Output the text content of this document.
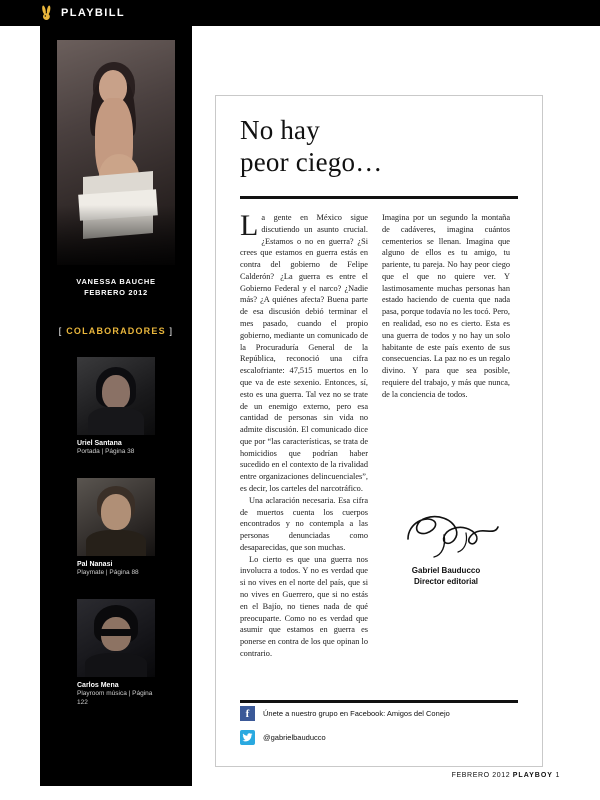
PLAYBILL
VANESSA BAUCHE
FEBRERO 2012
[ COLABORADORES ]
Uriel Santana
Portada | Página 38
Pal Nanasi
Playmate | Página 88
Carlos Mena
Playroom música | Página 122
No hay
peor ciego…

La gente en México sigue discutiendo un asunto crucial. ¿Estamos o no en guerra? ¿Si crees que estamos en guerra estás en contra del gobierno de Felipe Calderón? ¿La guerra es entre el Gobierno Federal y el narco? ¿Nadie más? ¿A quiénes afecta? Buena parte de esa discusión debió terminar el mes pasado, cuando el propio gobierno, mediante un comunicado de la Procuraduría General de la República, reconoció una cifra escalofriante: 47,515 muertos en lo que va de este sexenio. Entonces, sí, esto es una guerra. Tal vez no se trate de un enemigo externo, pero esa cantidad de personas sin vida no admite discusión. El comunicado dice que por “las características, se trata de homicidios que podrían haber sucedido en el contexto de la rivalidad entre organizaciones delincuenciales”, es decir, los carteles del narcotráfico.

Una aclaración necesaria. Esa cifra de muertos cuenta los cuerpos encontrados y no contempla a las personas denunciadas como desaparecidas, que son muchas.

Lo cierto es que una guerra nos involucra a todos. Y no es verdad que si no vives en el norte del país, que si no vives en Guerrero, que si no estás en el Bajío, no tienes nada de qué preocuparte. Como no es verdad que asumir que estamos en guerra es ponerse en contra de los que opinan lo contrario.

Imagina por un segundo la montaña de cadáveres, imagina cuántos cementerios se llenan. Imagina que alguno de ellos es tu amigo, tu pariente, tu pareja. No hay peor ciego que el que no quiere ver. Y lastimosamente muchas personas han estado haciendo de cuenta que nada pasa, porque todavía no les tocó. Pero, en realidad, eso no es cierto. Esta es una guerra de todos y no hay un solo habitante de este país exento de sus consecuencias. La paz no es un regalo divino. Y para que sea posible, requiere del trabajo, y más que nunca, de la conciencia de todos.

Gabriel Bauducco
Director editorial
f	Únete a nuestro grupo en Facebook: Amigos del Conejo
@gabrielbauducco
FEBRERO 2012 PLAYBOY 1
